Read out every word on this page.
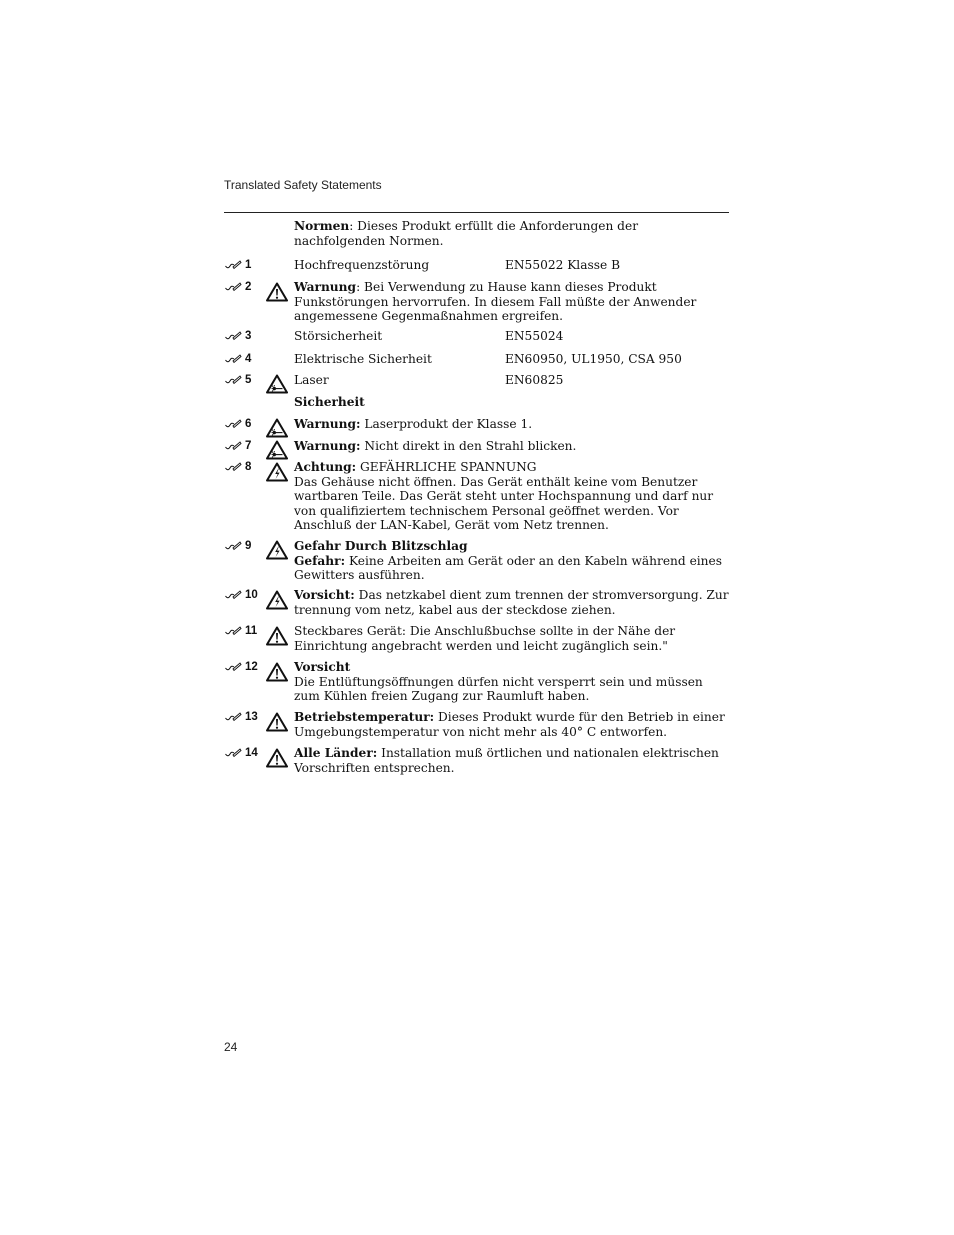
Translated Safety Statements
Normen: Dieses Produkt erfüllt die Anforderungen der nachfolgenden Normen.
1	Hochfrequenzstörung	EN55022 Klasse B
2	Warnung: Bei Verwendung zu Hause kann dieses Produkt Funkstörungen hervorrufen. In diesem Fall müßte der Anwender angemessene Gegenmaßnahmen ergreifen.
3	Störsicherheit	EN55024
4	Elektrische Sicherheit	EN60950, UL1950, CSA 950
5	Laser	EN60825
Sicherheit
6	Warnung: Laserprodukt der Klasse 1.
7	Warnung: Nicht direkt in den Strahl blicken.
8	Achtung: GEFÄHRLICHE SPANNUNG
Das Gehäuse nicht öffnen. Das Gerät enthält keine vom Benutzer wartbaren Teile. Das Gerät steht unter Hochspannung und darf nur von qualifiziertem technischem Personal geöffnet werden. Vor Anschluß der LAN-Kabel, Gerät vom Netz trennen.
9	Gefahr Durch Blitzschlag
Gefahr: Keine Arbeiten am Gerät oder an den Kabeln während eines Gewitters ausführen.
10	Vorsicht: Das netzkabel dient zum trennen der stromversorgung. Zur trennung vom netz, kabel aus der steckdose ziehen.
11	Steckbares Gerät: Die Anschlußbuchse sollte in der Nähe der Einrichtung angebracht werden und leicht zugänglich sein."
12	Vorsicht
Die Entlüftungsöffnungen dürfen nicht versperrt sein und müssen zum Kühlen freien Zugang zur Raumluft haben.
13	Betriebstemperatur: Dieses Produkt wurde für den Betrieb in einer Umgebungstemperatur von nicht mehr als 40° C entworfen.
14	Alle Länder: Installation muß örtlichen und nationalen elektrischen Vorschriften entsprechen.
24
